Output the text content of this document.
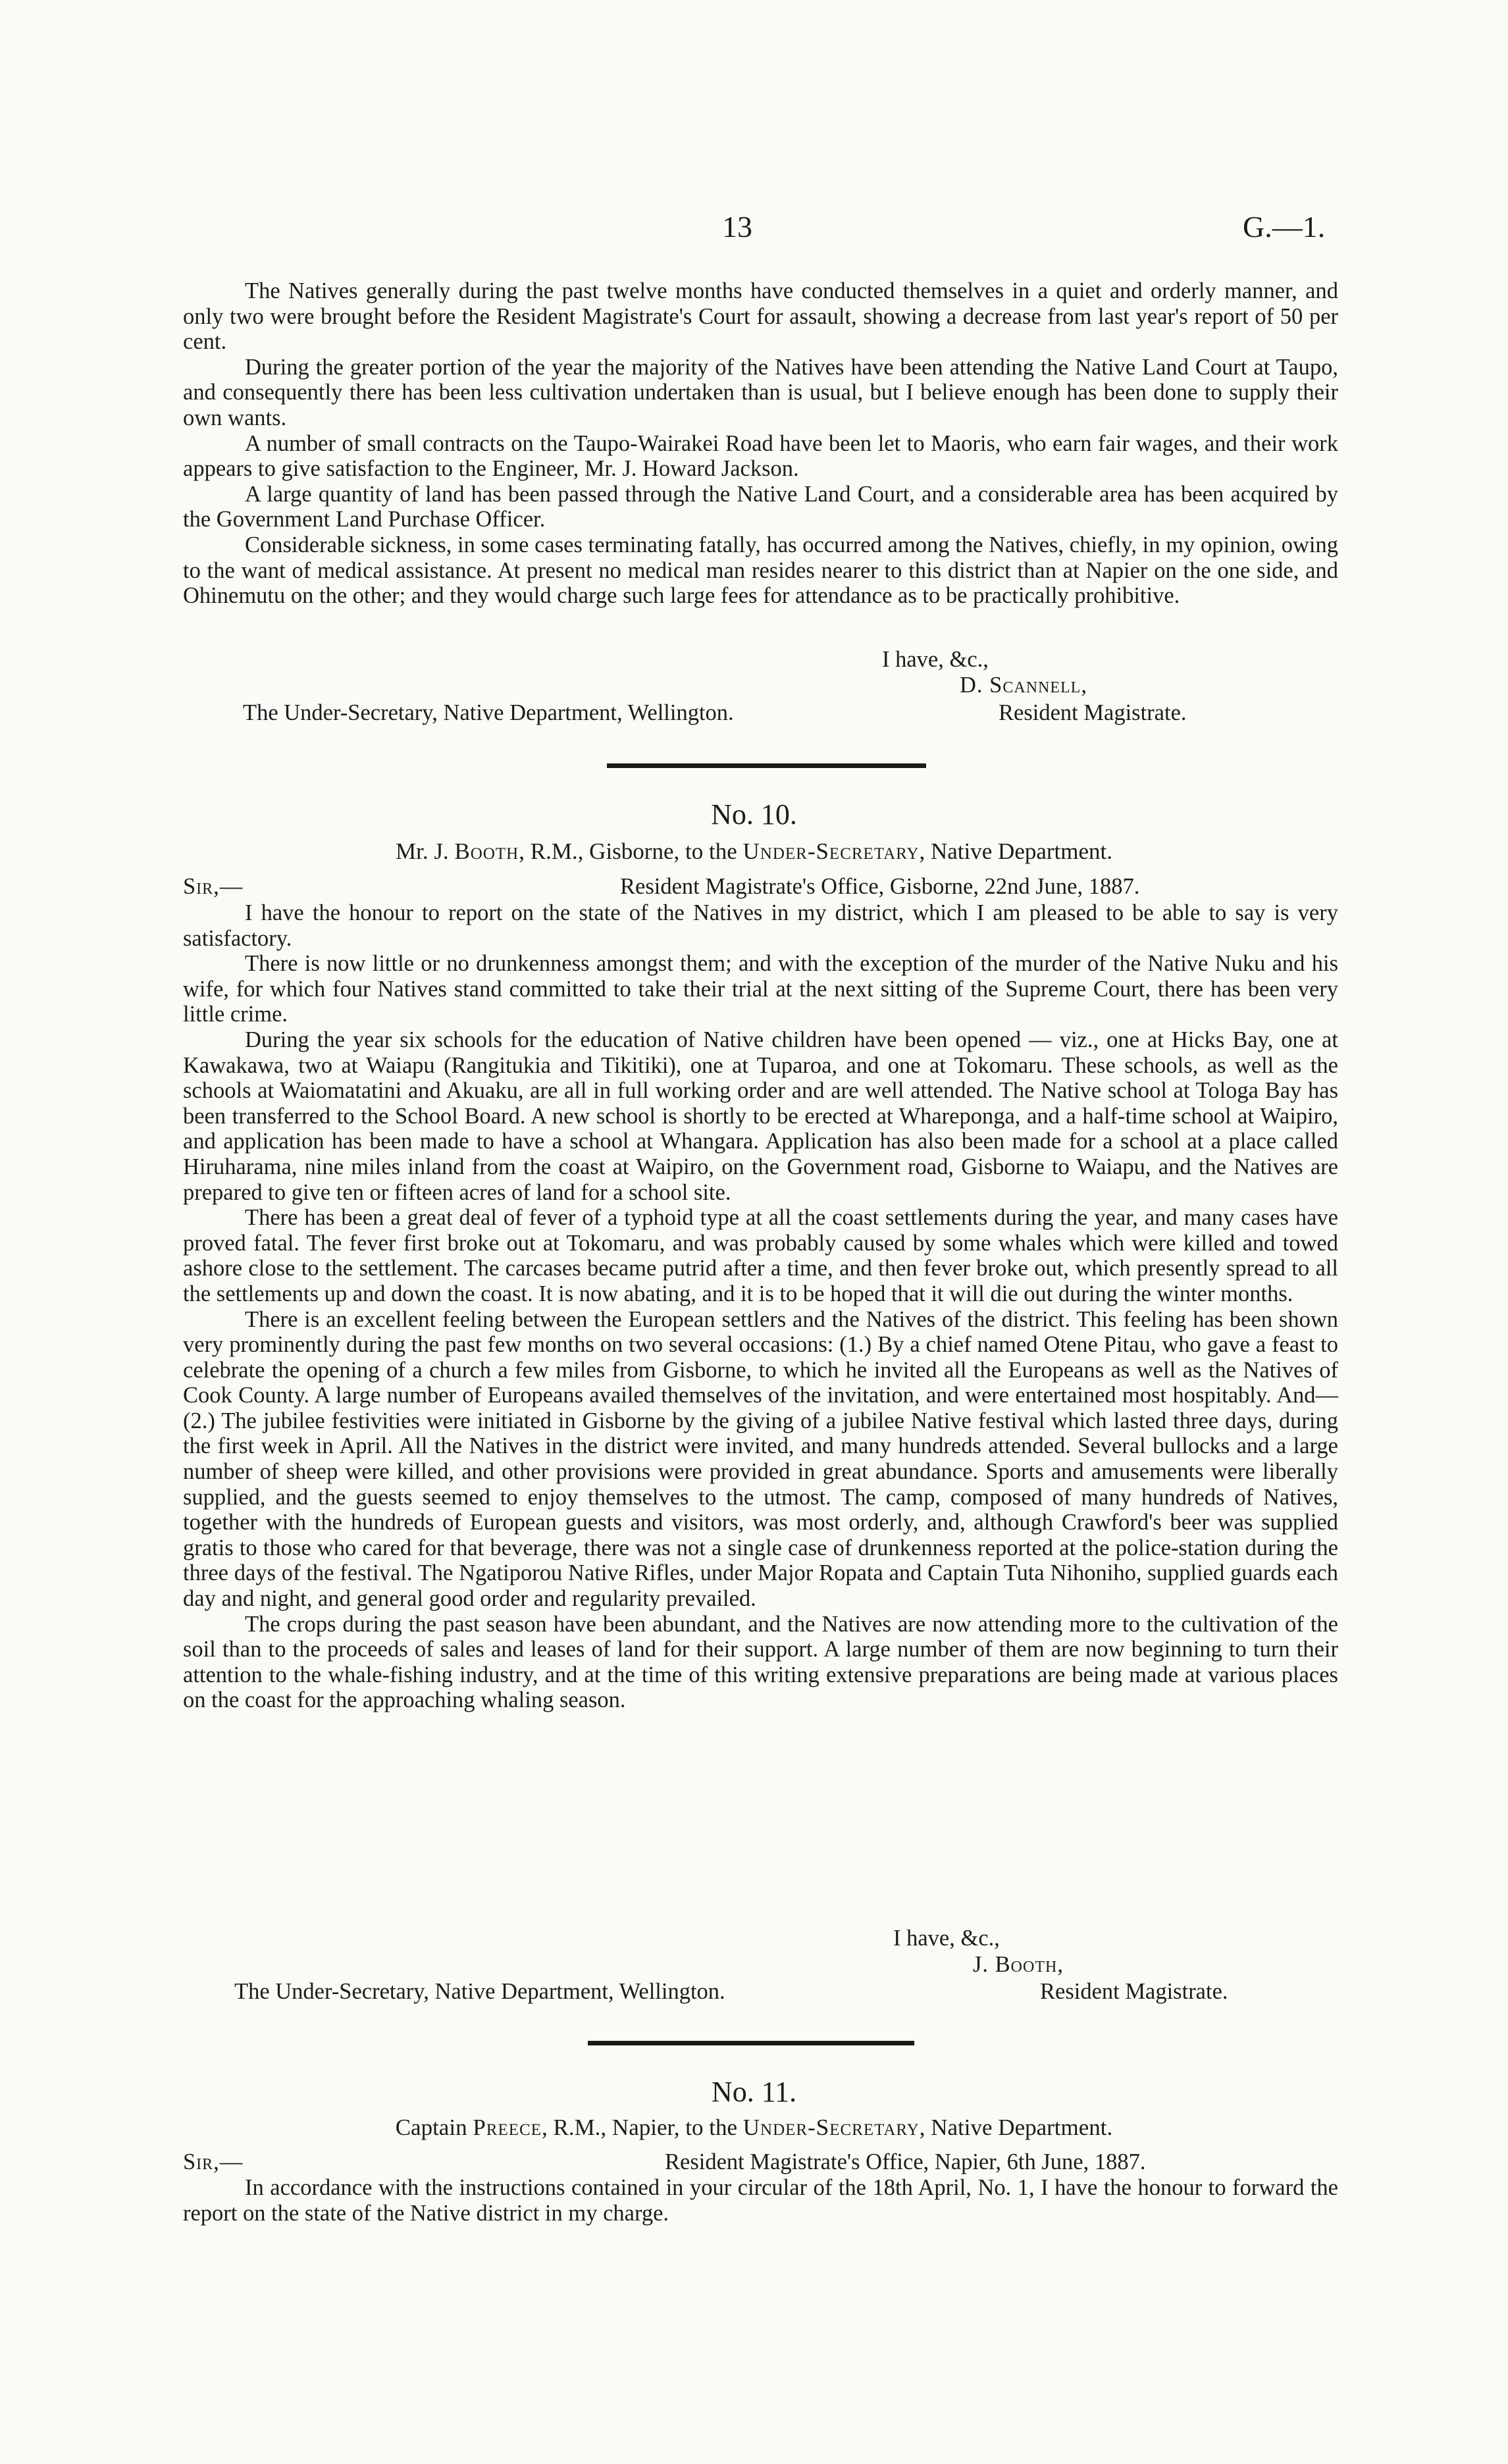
13	G.—1.

The Natives generally during the past twelve months have conducted themselves in a quiet and orderly manner, and only two were brought before the Resident Magistrate's Court for assault, showing a decrease from last year's report of 50 per cent.

During the greater portion of the year the majority of the Natives have been attending the Native Land Court at Taupo, and consequently there has been less cultivation undertaken than is usual, but I believe enough has been done to supply their own wants.

A number of small contracts on the Taupo-Wairakei Road have been let to Maoris, who earn fair wages, and their work appears to give satisfaction to the Engineer, Mr. J. Howard Jackson.

A large quantity of land has been passed through the Native Land Court, and a considerable area has been acquired by the Government Land Purchase Officer.

Considerable sickness, in some cases terminating fatally, has occurred among the Natives, chiefly, in my opinion, owing to the want of medical assistance. At present no medical man resides nearer to this district than at Napier on the one side, and Ohinemutu on the other; and they would charge such large fees for attendance as to be practically prohibitive.

I have, &c.,
D. Scannell,
The Under-Secretary, Native Department, Wellington.	Resident Magistrate.
No. 10.
Mr. J. Booth, R.M., Gisborne, to the Under-Secretary, Native Department.
Sir,—	Resident Magistrate's Office, Gisborne, 22nd June, 1887.

I have the honour to report on the state of the Natives in my district, which I am pleased to be able to say is very satisfactory.

There is now little or no drunkenness amongst them; and with the exception of the murder of the Native Nuku and his wife, for which four Natives stand committed to take their trial at the next sitting of the Supreme Court, there has been very little crime.

During the year six schools for the education of Native children have been opened — viz., one at Hicks Bay, one at Kawakawa, two at Waiapu (Rangitukia and Tikitiki), one at Tuparoa, and one at Tokomaru. These schools, as well as the schools at Waiomatatini and Akuaku, are all in full working order and are well attended. The Native school at Tologa Bay has been transferred to the School Board. A new school is shortly to be erected at Whareponga, and a half-time school at Waipiro, and application has been made to have a school at Whangara. Application has also been made for a school at a place called Hiruharama, nine miles inland from the coast at Waipiro, on the Government road, Gisborne to Waiapu, and the Natives are prepared to give ten or fifteen acres of land for a school site.

There has been a great deal of fever of a typhoid type at all the coast settlements during the year, and many cases have proved fatal. The fever first broke out at Tokomaru, and was probably caused by some whales which were killed and towed ashore close to the settlement. The carcases became putrid after a time, and then fever broke out, which presently spread to all the settlements up and down the coast. It is now abating, and it is to be hoped that it will die out during the winter months.

There is an excellent feeling between the European settlers and the Natives of the district. This feeling has been shown very prominently during the past few months on two several occasions: (1.) By a chief named Otene Pitau, who gave a feast to celebrate the opening of a church a few miles from Gisborne, to which he invited all the Europeans as well as the Natives of Cook County. A large number of Europeans availed themselves of the invitation, and were entertained most hospitably. And—(2.) The jubilee festivities were initiated in Gisborne by the giving of a jubilee Native festival which lasted three days, during the first week in April. All the Natives in the district were invited, and many hundreds attended. Several bullocks and a large number of sheep were killed, and other provisions were provided in great abundance. Sports and amusements were liberally supplied, and the guests seemed to enjoy themselves to the utmost. The camp, composed of many hundreds of Natives, together with the hundreds of European guests and visitors, was most orderly, and, although Crawford's beer was supplied gratis to those who cared for that beverage, there was not a single case of drunkenness reported at the police-station during the three days of the festival. The Ngatiporou Native Rifles, under Major Ropata and Captain Tuta Nihoniho, supplied guards each day and night, and general good order and regularity prevailed.

The crops during the past season have been abundant, and the Natives are now attending more to the cultivation of the soil than to the proceeds of sales and leases of land for their support. A large number of them are now beginning to turn their attention to the whale-fishing industry, and at the time of this writing extensive preparations are being made at various places on the coast for the approaching whaling season.

I have, &c.,
J. Booth,
The Under-Secretary, Native Department, Wellington.	Resident Magistrate.
No. 11.
Captain Preece, R.M., Napier, to the Under-Secretary, Native Department.
Sir,—	Resident Magistrate's Office, Napier, 6th June, 1887.

In accordance with the instructions contained in your circular of the 18th April, No. 1, I have the honour to forward the report on the state of the Native district in my charge.
